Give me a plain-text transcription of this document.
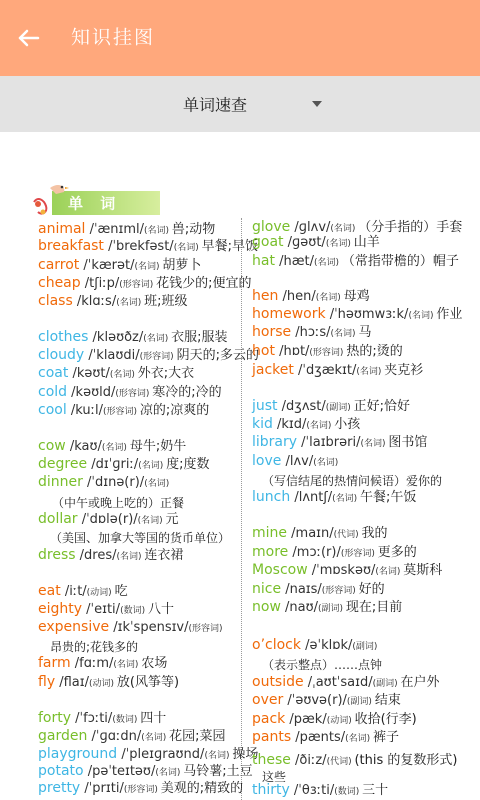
知识挂图
单词速查
单 词
animal /ˈænɪml/(名词) 兽;动物
breakfast /ˈbrekfəst/(名词) 早餐;早饭
carrot /ˈkærət/(名词) 胡萝卜
cheap /tʃiːp/(形容词) 花钱少的;便宜的
class /klɑːs/(名词) 班;班级
clothes /kləʊðz/(名词) 衣服;服装
cloudy /ˈklaʊdi/(形容词) 阴天的;多云的
coat /kəʊt/(名词) 外衣;大衣
cold /kəʊld/(形容词) 寒冷的;冷的
cool /kuːl/(形容词) 凉的;凉爽的
cow /kaʊ/(名词) 母牛;奶牛
degree /dɪˈɡriː/(名词) 度;度数
dinner /ˈdɪnə(r)/(名词)
（中午或晚上吃的）正餐
dollar /ˈdɒlə(r)/(名词) 元
（美国、加拿大等国的货币单位）
dress /dres/(名词) 连衣裙
eat /iːt/(动词) 吃
eighty /ˈeɪti/(数词) 八十
expensive /ɪkˈspensɪv/(形容词)
昂贵的;花钱多的
farm /fɑːm/(名词) 农场
fly /flaɪ/(动词) 放(风筝等)
forty /ˈfɔːti/(数词) 四十
garden /ˈɡɑːdn/(名词) 花园;菜园
playground /ˈpleɪɡraʊnd/(名词) 操场
potato /pəˈteɪtəʊ/(名词) 马铃薯;土豆
pretty /ˈprɪti/(形容词) 美观的;精致的
glove /ɡlʌv/(名词) （分手指的）手套
goat /ɡəʊt/(名词) 山羊
hat /hæt/(名词) （常指带檐的）帽子
hen /hen/(名词) 母鸡
homework /ˈhəʊmwɜːk/(名词) 作业
horse /hɔːs/(名词) 马
hot /hɒt/(形容词) 热的;烫的
jacket /ˈdʒækɪt/(名词) 夹克衫
just /dʒʌst/(副词) 正好;恰好
kid /kɪd/(名词) 小孩
library /ˈlaɪbrəri/(名词) 图书馆
love /lʌv/(名词)
（写信结尾的热情问候语）爱你的
lunch /lʌntʃ/(名词) 午餐;午饭
mine /maɪn/(代词) 我的
more /mɔː(r)/(形容词) 更多的
Moscow /ˈmɒskəʊ/(名词) 莫斯科
nice /naɪs/(形容词) 好的
now /naʊ/(副词) 现在;目前
o’clock /əˈklɒk/(副词)
（表示整点）……点钟
outside /ˌaʊtˈsaɪd/(副词) 在户外
over /ˈəʊvə(r)/(副词) 结束
pack /pæk/(动词) 收拾(行李)
pants /pænts/(名词) 裤子
these /ðiːz/(代词) (this 的复数形式)
这些
thirty /ˈθɜːti/(数词) 三十
